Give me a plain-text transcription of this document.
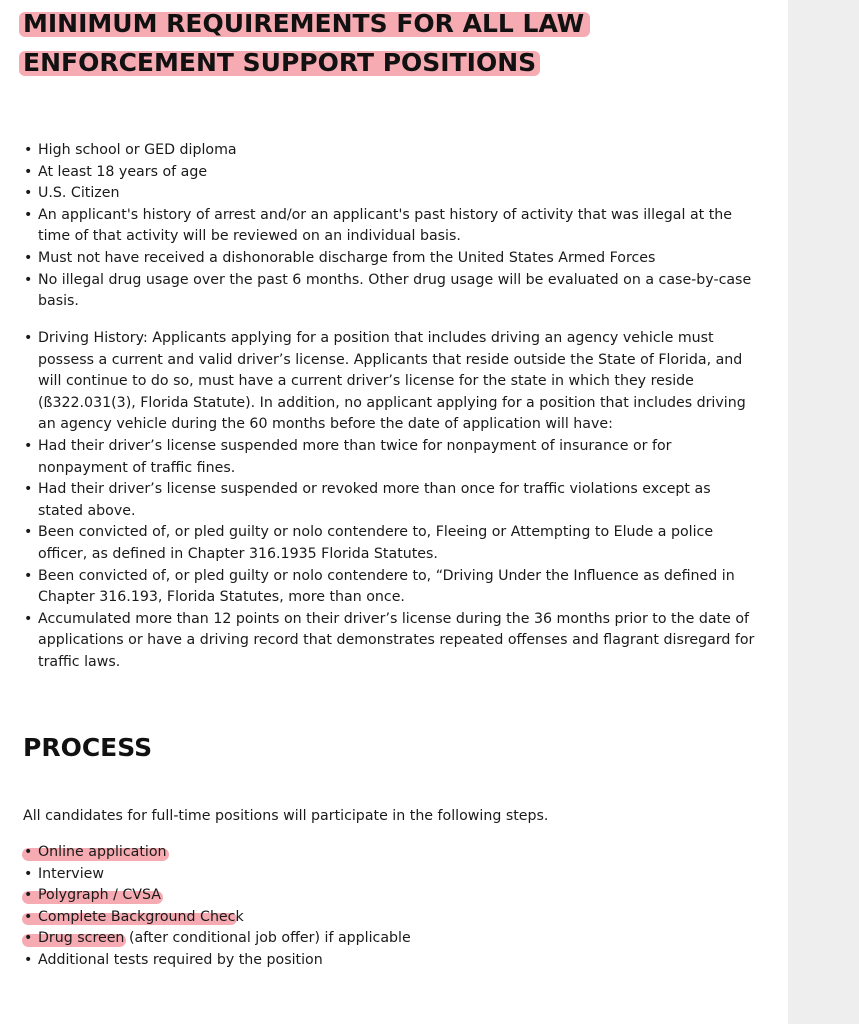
MINIMUM REQUIREMENTS FOR ALL LAW
ENFORCEMENT SUPPORT POSITIONS
• High school or GED diploma
• At least 18 years of age
• U.S. Citizen
• An applicant's history of arrest and/or an applicant's past history of activity that was illegal at the
time of that activity will be reviewed on an individual basis.
• Must not have received a dishonorable discharge from the United States Armed Forces
• No illegal drug usage over the past 6 months. Other drug usage will be evaluated on a case-by-case
basis.
• Driving History: Applicants applying for a position that includes driving an agency vehicle must
possess a current and valid driver’s license. Applicants that reside outside the State of Florida, and
will continue to do so, must have a current driver’s license for the state in which they reside
(ß322.031(3), Florida Statute). In addition, no applicant applying for a position that includes driving
an agency vehicle during the 60 months before the date of application will have:
• Had their driver’s license suspended more than twice for nonpayment of insurance or for
nonpayment of traffic fines.
• Had their driver’s license suspended or revoked more than once for traffic violations except as
stated above.
• Been convicted of, or pled guilty or nolo contendere to, Fleeing or Attempting to Elude a police
officer, as defined in Chapter 316.1935 Florida Statutes.
• Been convicted of, or pled guilty or nolo contendere to, “Driving Under the Influence as defined in
Chapter 316.193, Florida Statutes, more than once.
• Accumulated more than 12 points on their driver’s license during the 36 months prior to the date of
applications or have a driving record that demonstrates repeated offenses and flagrant disregard for
traffic laws.
PROCESS

All candidates for full-time positions will participate in the following steps.

• Online application
• Interview
• Polygraph / CVSA
• Complete Background Check
• Drug screen (after conditional job offer) if applicable
• Additional tests required by the position
